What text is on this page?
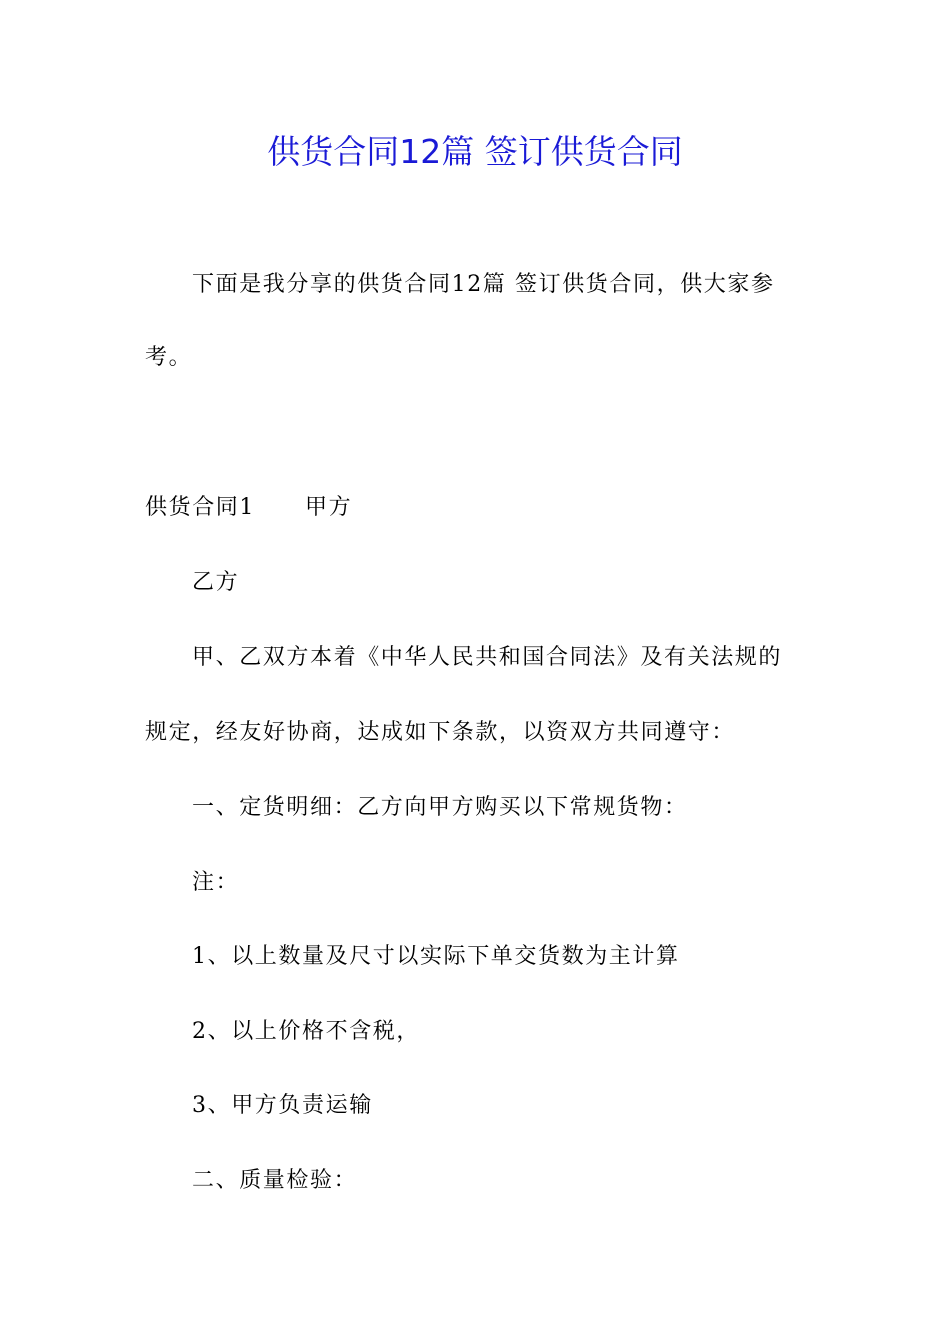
供货合同12篇 签订供货合同

下面是我分享的供货合同12篇 签订供货合同，供大家参

考。

供货合同1 甲方

乙方

甲、乙双方本着《中华人民共和国合同法》及有关法规的

规定，经友好协商，达成如下条款，以资双方共同遵守：

一、定货明细：乙方向甲方购买以下常规货物：

注：

1、以上数量及尺寸以实际下单交货数为主计算

2、以上价格不含税，

3、甲方负责运输

二、质量检验：
